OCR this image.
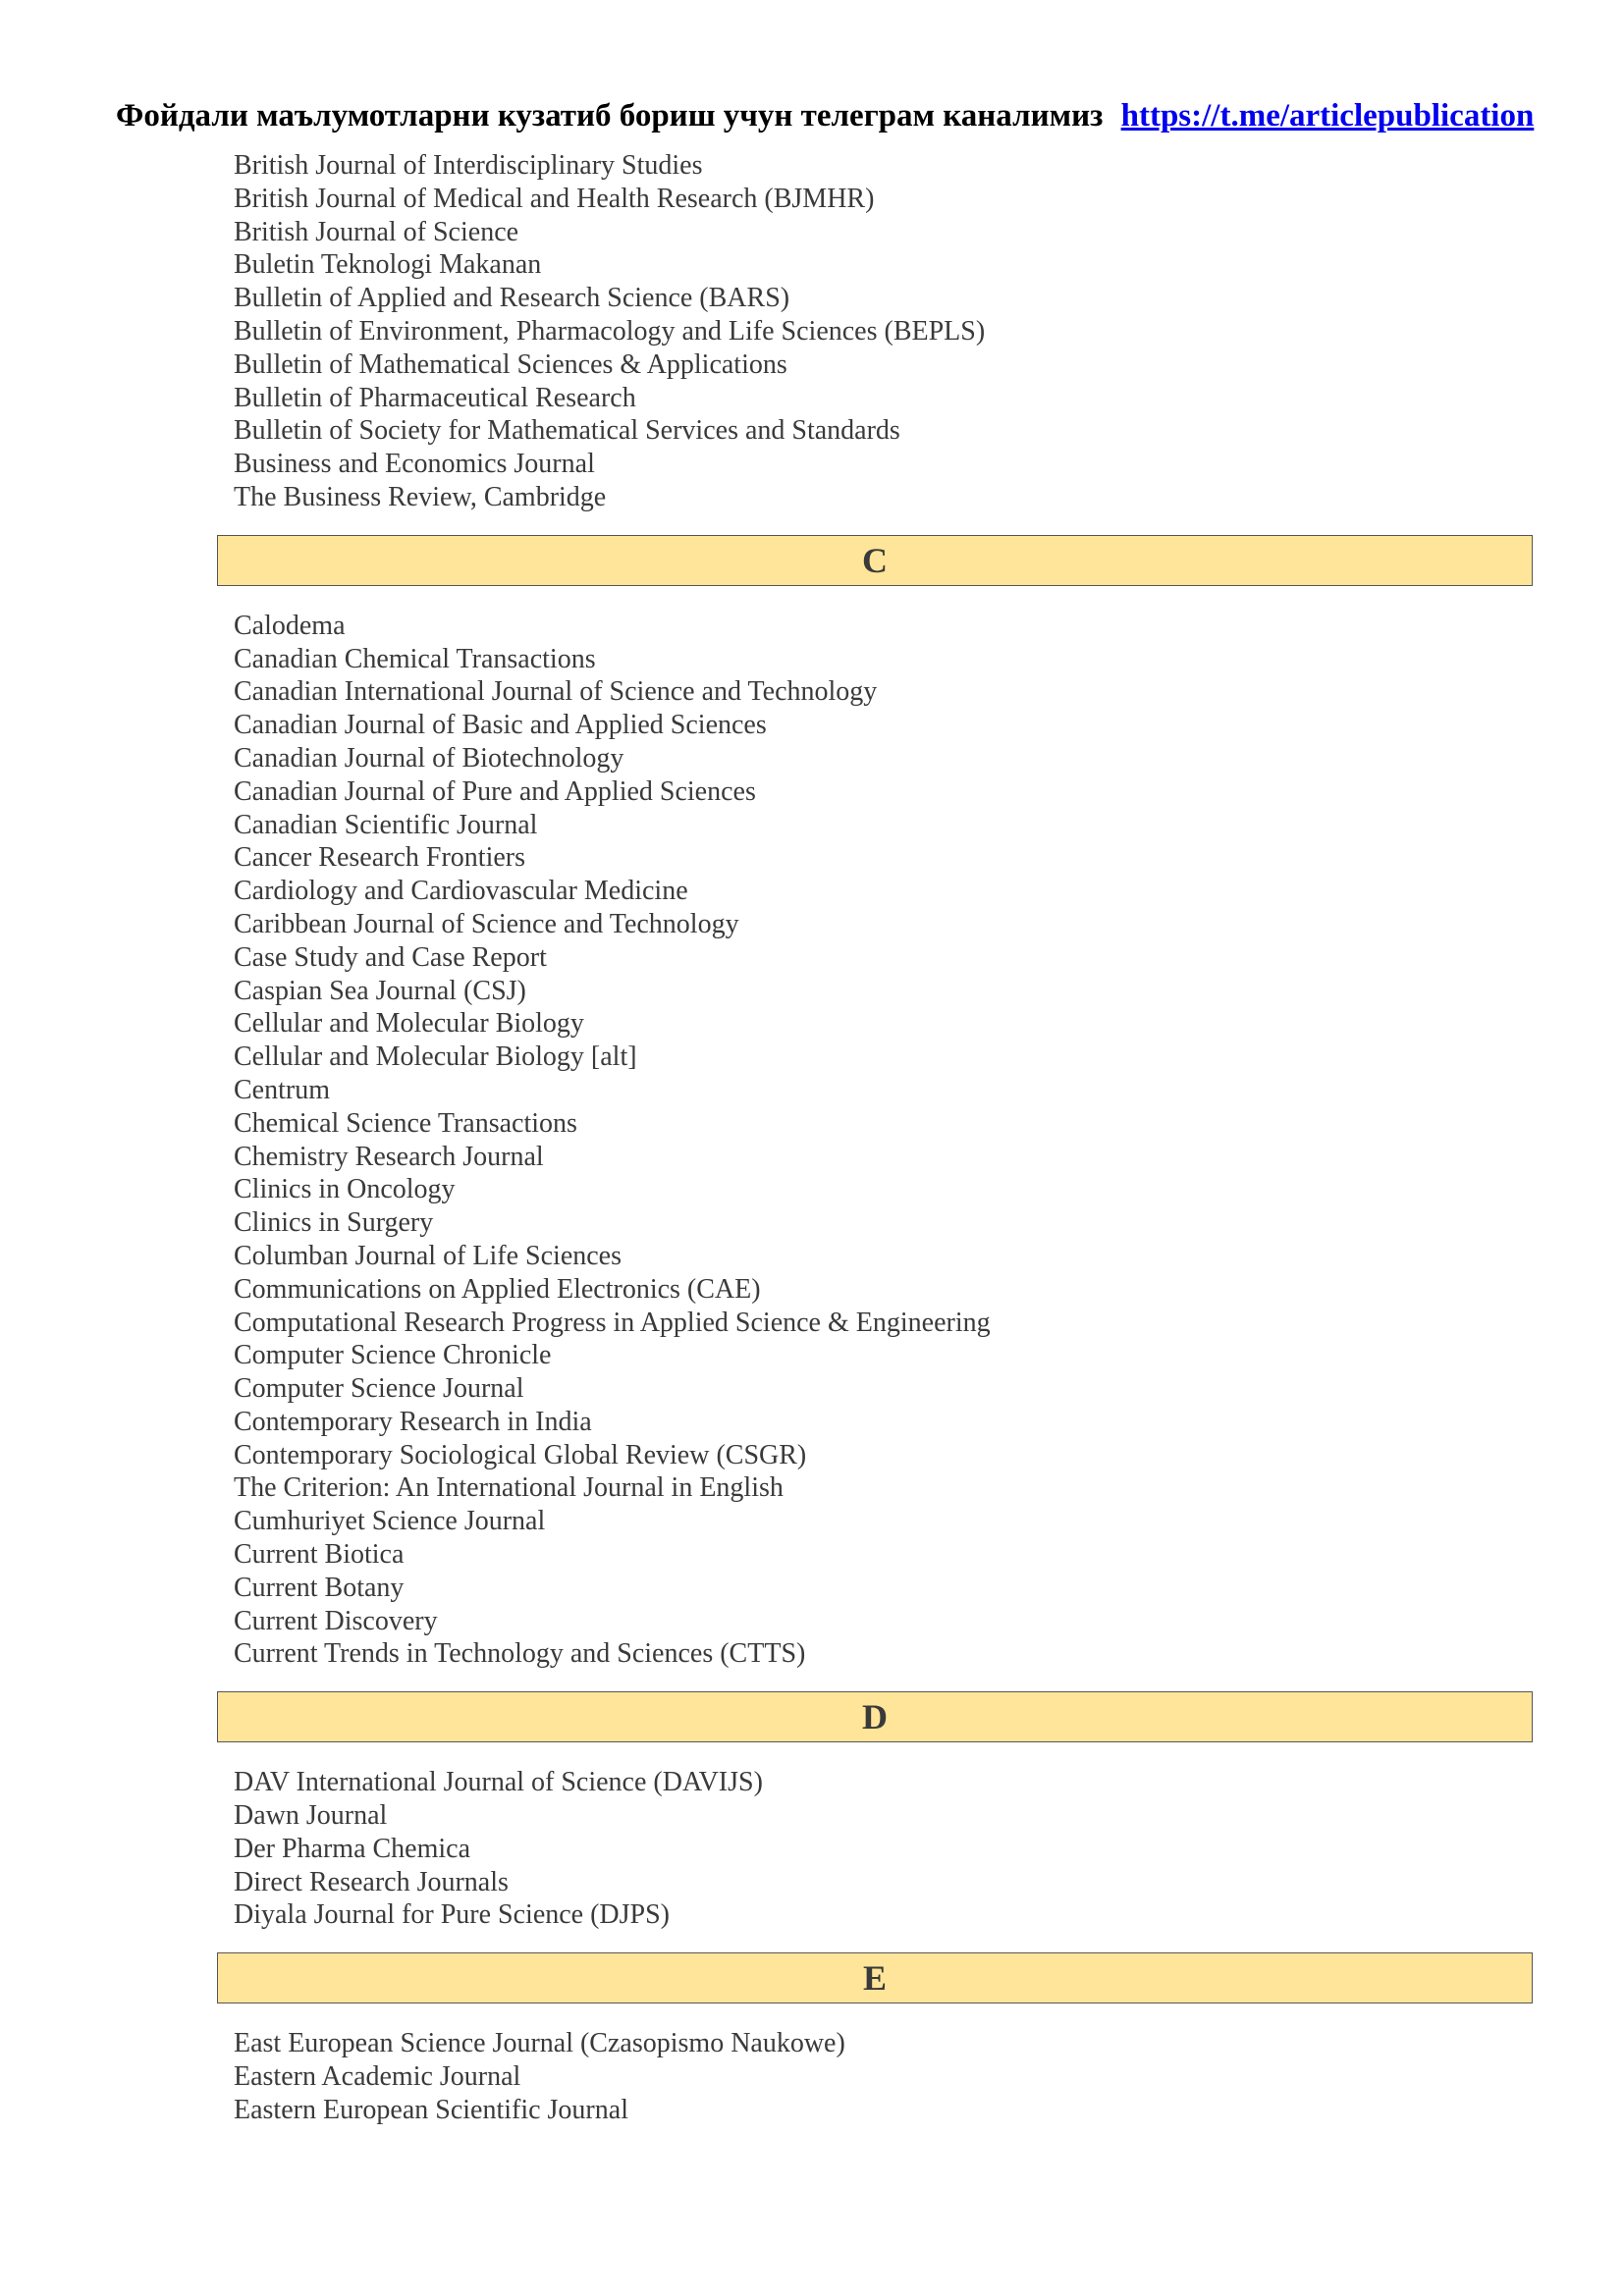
Фойдали маълумотларни кузатиб бориш учун телеграм каналимиз https://t.me/articlepublication
British Journal of Interdisciplinary Studies
British Journal of Medical and Health Research (BJMHR)
British Journal of Science
Buletin Teknologi Makanan
Bulletin of Applied and Research Science (BARS)
Bulletin of Environment, Pharmacology and Life Sciences (BEPLS)
Bulletin of Mathematical Sciences & Applications
Bulletin of Pharmaceutical Research
Bulletin of Society for Mathematical Services and Standards
Business and Economics Journal
The Business Review, Cambridge
C
Calodema
Canadian Chemical Transactions
Canadian International Journal of Science and Technology
Canadian Journal of Basic and Applied Sciences
Canadian Journal of Biotechnology
Canadian Journal of Pure and Applied Sciences
Canadian Scientific Journal
Cancer Research Frontiers
Cardiology and Cardiovascular Medicine
Caribbean Journal of Science and Technology
Case Study and Case Report
Caspian Sea Journal (CSJ)
Cellular and Molecular Biology
Cellular and Molecular Biology [alt]
Centrum
Chemical Science Transactions
Chemistry Research Journal
Clinics in Oncology
Clinics in Surgery
Columban Journal of Life Sciences
Communications on Applied Electronics (CAE)
Computational Research Progress in Applied Science & Engineering
Computer Science Chronicle
Computer Science Journal
Contemporary Research in India
Contemporary Sociological Global Review (CSGR)
The Criterion: An International Journal in English
Cumhuriyet Science Journal
Current Biotica
Current Botany
Current Discovery
Current Trends in Technology and Sciences (CTTS)
D
DAV International Journal of Science (DAVIJS)
Dawn Journal
Der Pharma Chemica
Direct Research Journals
Diyala Journal for Pure Science (DJPS)
E
East European Science Journal (Czasopismo Naukowe)
Eastern Academic Journal
Eastern European Scientific Journal
